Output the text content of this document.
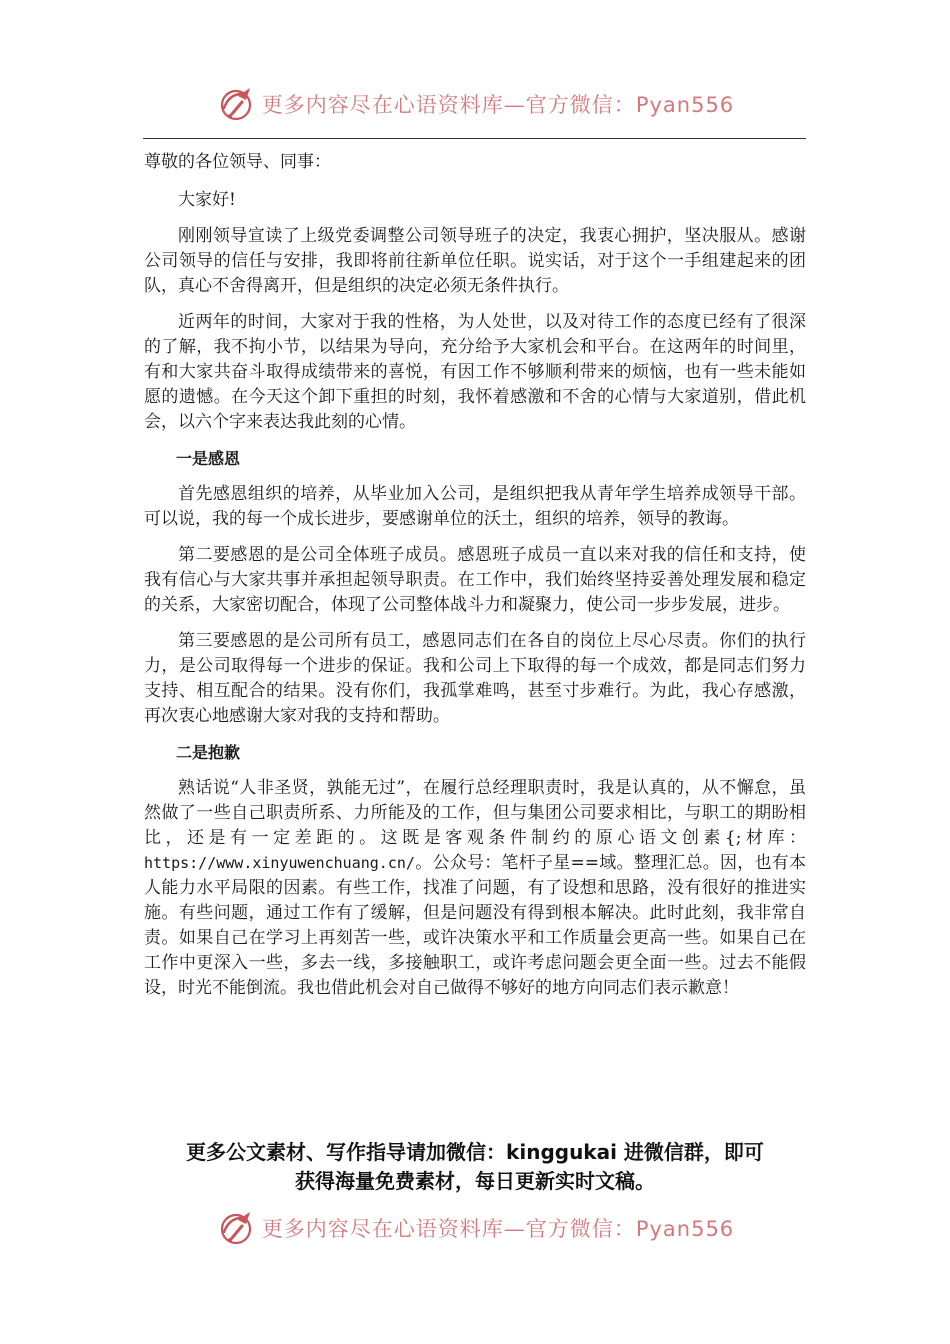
更多内容尽在心语资料库—官方微信：Pyan556

尊敬的各位领导、同事：

大家好!

刚刚领导宣读了上级党委调整公司领导班子的决定，我衷心拥护，坚决服从。感谢公司领导的信任与安排，我即将前往新单位任职。说实话，对于这个一手组建起来的团队，真心不舍得离开，但是组织的决定必须无条件执行。

近两年的时间，大家对于我的性格，为人处世，以及对待工作的态度已经有了很深的了解，我不拘小节，以结果为导向，充分给予大家机会和平台。在这两年的时间里，有和大家共奋斗取得成绩带来的喜悦，有因工作不够顺利带来的烦恼，也有一些未能如愿的遗憾。在今天这个卸下重担的时刻，我怀着感激和不舍的心情与大家道别，借此机会，以六个字来表达我此刻的心情。

一是感恩

首先感恩组织的培养，从毕业加入公司，是组织把我从青年学生培养成领导干部。可以说，我的每一个成长进步，要感谢单位的沃土，组织的培养，领导的教诲。

第二要感恩的是公司全体班子成员。感恩班子成员一直以来对我的信任和支持，使我有信心与大家共事并承担起领导职责。在工作中，我们始终坚持妥善处理发展和稳定的关系，大家密切配合，体现了公司整体战斗力和凝聚力，使公司一步步发展，进步。

第三要感恩的是公司所有员工，感恩同志们在各自的岗位上尽心尽责。你们的执行力，是公司取得每一个进步的保证。我和公司上下取得的每一个成效，都是同志们努力支持、相互配合的结果。没有你们，我孤掌难鸣，甚至寸步难行。为此，我心存感激，再次衷心地感谢大家对我的支持和帮助。

二是抱歉

熟话说“人非圣贤，孰能无过”，在履行总经理职责时，我是认真的，从不懈怠，虽然做了一些自己职责所系、力所能及的工作，但与集团公司要求相比，与职工的期盼相比，还是有一定差距的。这既是客观条件制约的原心语文创素{;材库：https://www.xinyuwenchuang.cn/。公众号：笔杆子星==域。整理汇总。因，也有本人能力水平局限的因素。有些工作，找准了问题，有了设想和思路，没有很好的推进实施。有些问题，通过工作有了缓解，但是问题没有得到根本解决。此时此刻，我非常自责。如果自己在学习上再刻苦一些，或许决策水平和工作质量会更高一些。如果自己在工作中更深入一些，多去一线，多接触职工，或许考虑问题会更全面一些。过去不能假设，时光不能倒流。我也借此机会对自己做得不够好的地方向同志们表示歉意！

更多公文素材、写作指导请加微信：kinggukai 进微信群，即可
获得海量免费素材，每日更新实时文稿。
更多内容尽在心语资料库—官方微信：Pyan556
